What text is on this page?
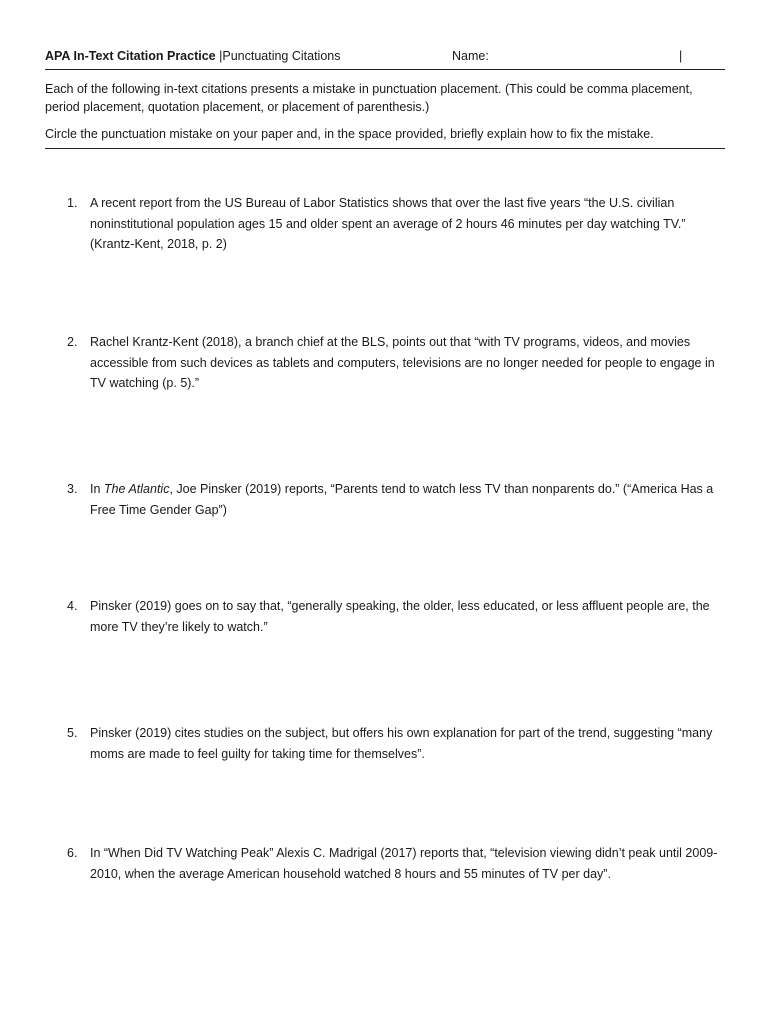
APA In-Text Citation Practice |Punctuating Citations	Name:	|

Each of the following in-text citations presents a mistake in punctuation placement. (This could be comma placement, period placement, quotation placement, or placement of parenthesis.)

Circle the punctuation mistake on your paper and, in the space provided, briefly explain how to fix the mistake.

1.	A recent report from the US Bureau of Labor Statistics shows that over the last five years “the U.S. civilian noninstitutional population ages 15 and older spent an average of 2 hours 46 minutes per day watching TV.” (Krantz-Kent, 2018, p. 2)
2.	Rachel Krantz-Kent (2018), a branch chief at the BLS, points out that “with TV programs, videos, and movies accessible from such devices as tablets and computers, televisions are no longer needed for people to engage in TV watching (p. 5).”
3.	In The Atlantic, Joe Pinsker (2019) reports, “Parents tend to watch less TV than nonparents do.” (“America Has a Free Time Gender Gap”)
4.	Pinsker (2019) goes on to say that, “generally speaking, the older, less educated, or less affluent people are, the more TV they’re likely to watch.”
5.	Pinsker (2019) cites studies on the subject, but offers his own explanation for part of the trend, suggesting “many moms are made to feel guilty for taking time for themselves”.
6.	In “When Did TV Watching Peak” Alexis C. Madrigal (2017) reports that, “television viewing didn’t peak until 2009-2010, when the average American household watched 8 hours and 55 minutes of TV per day”.
